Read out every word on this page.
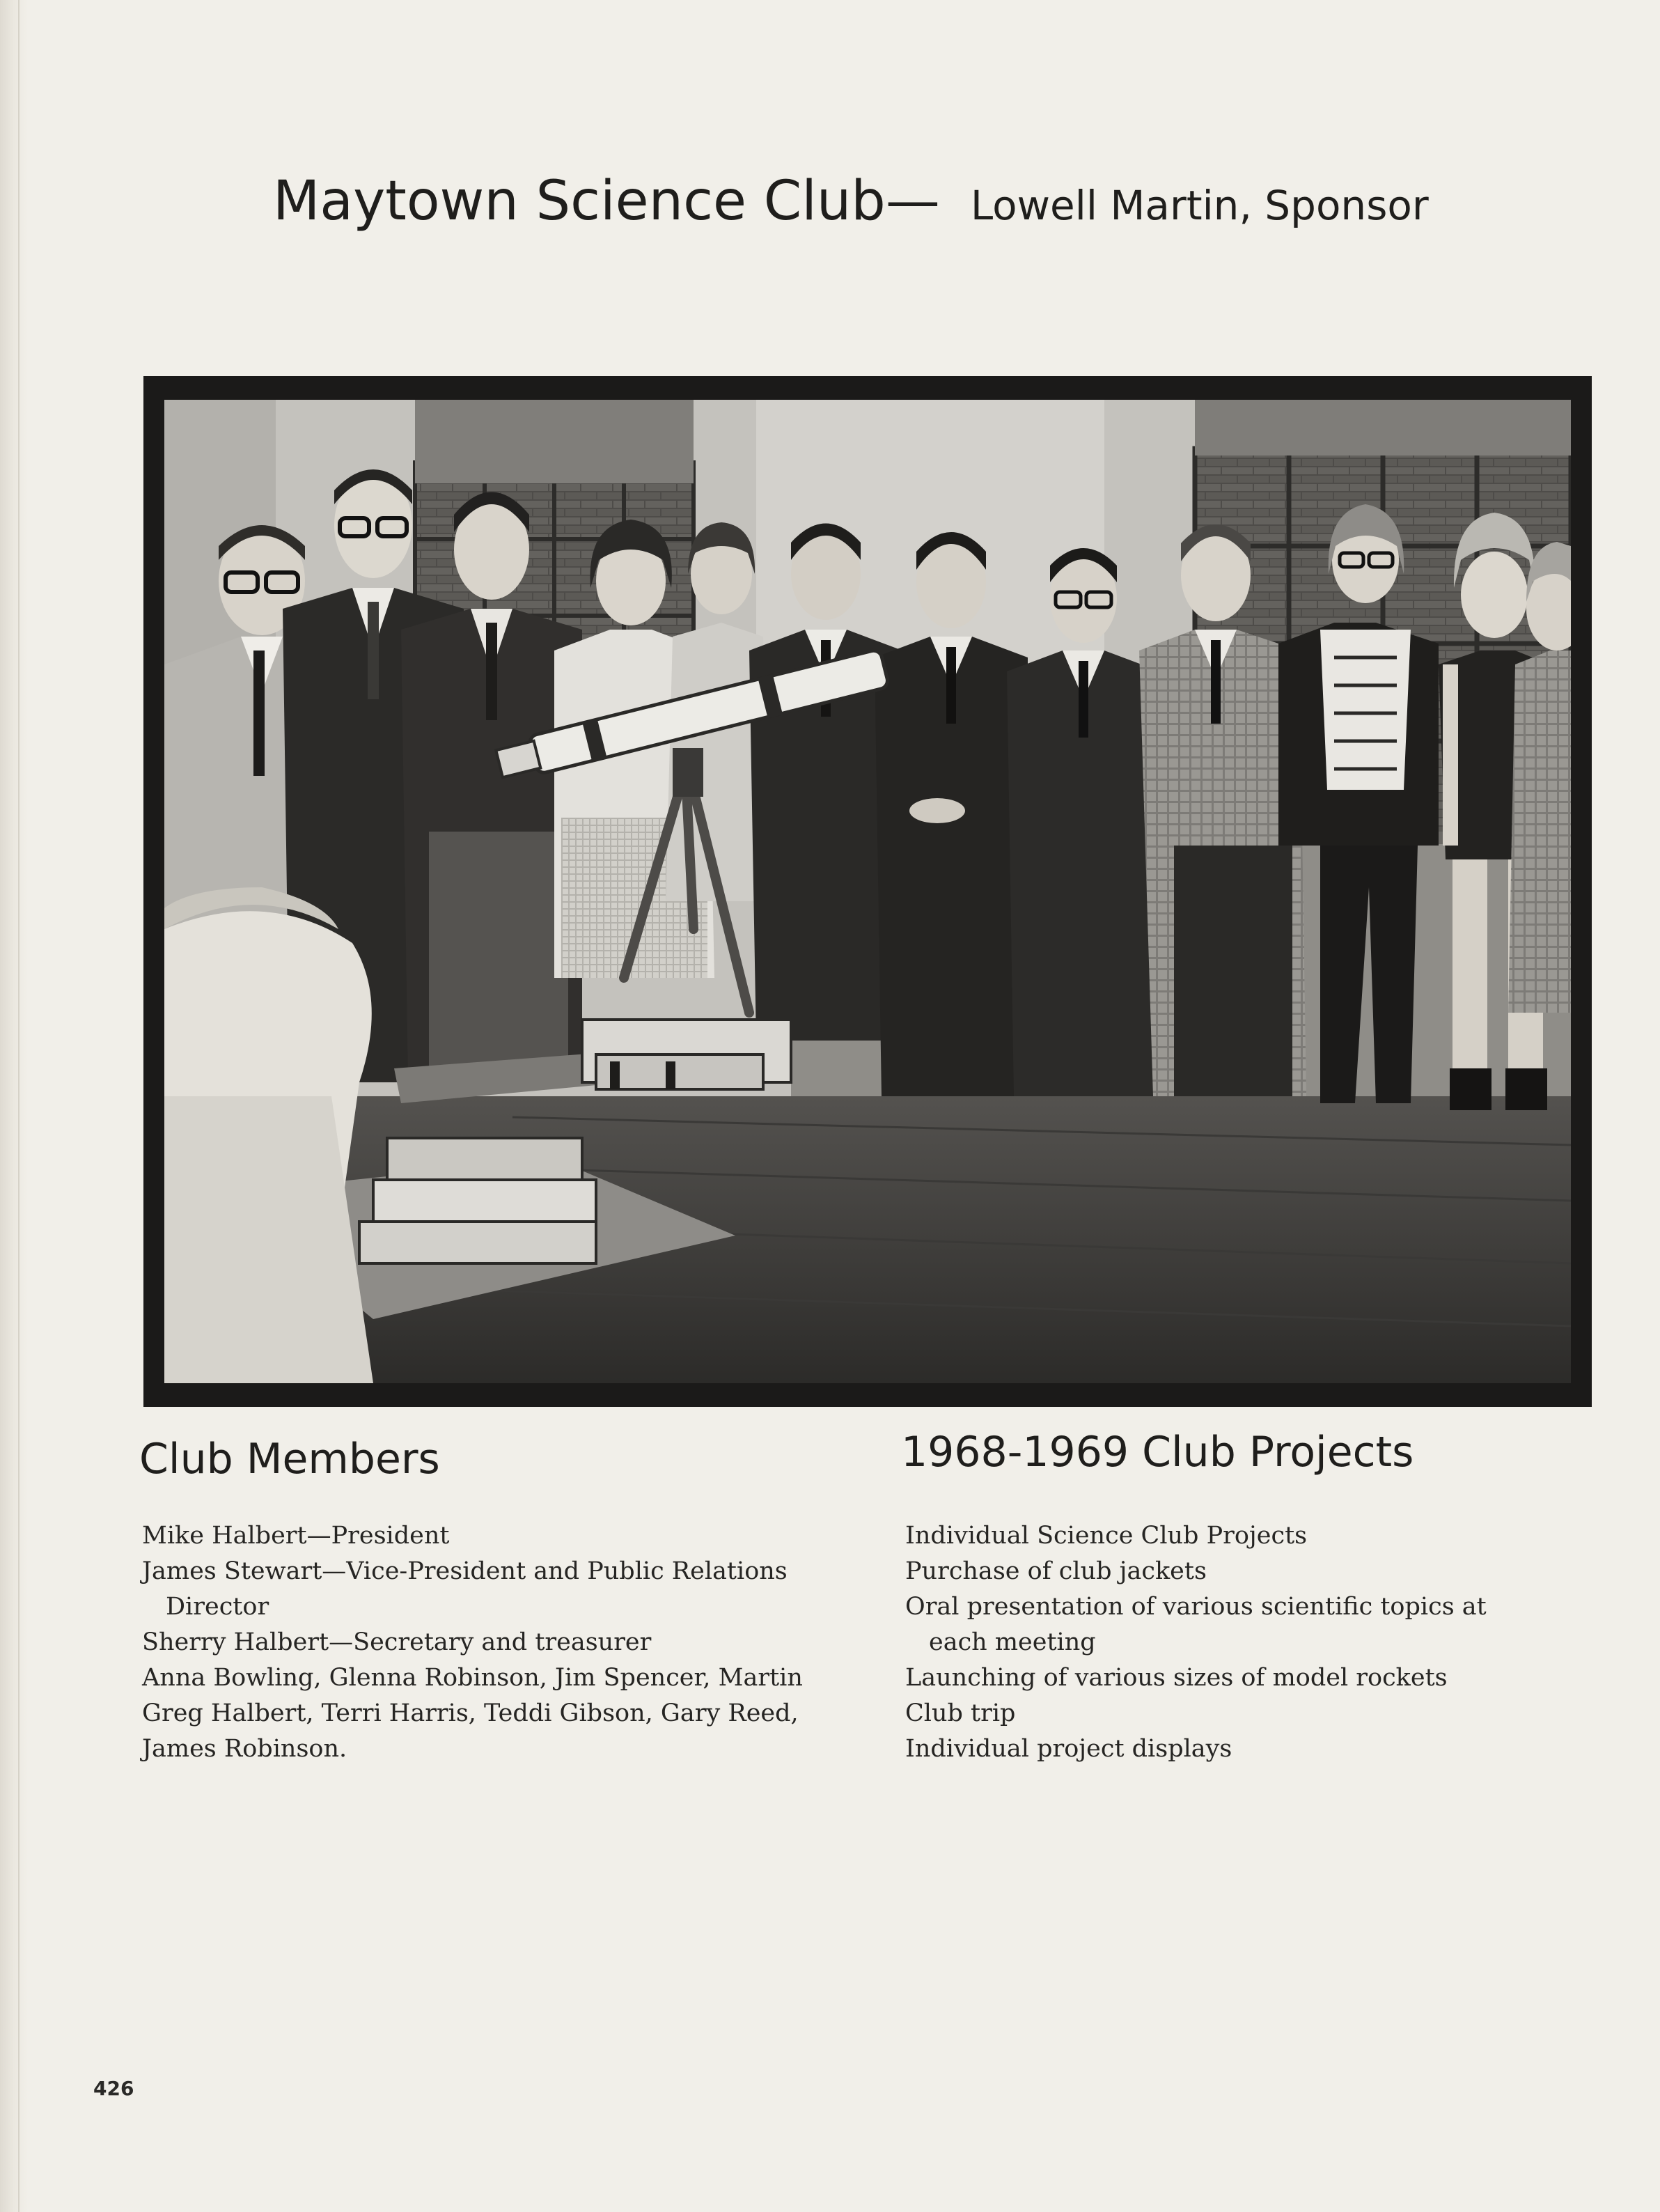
Maytown Science Club— Lowell Martin, Sponsor
Club Members
Mike Halbert—President
James Stewart—Vice-President and Public Relations Director
Sherry Halbert—Secretary and treasurer
Anna Bowling, Glenna Robinson, Jim Spencer, Martin Greg Halbert, Terri Harris, Teddi Gibson, Gary Reed, James Robinson.
1968-1969 Club Projects
Individual Science Club Projects
Purchase of club jackets
Oral presentation of various scientific topics at each meeting
Launching of various sizes of model rockets
Club trip
Individual project displays
426
